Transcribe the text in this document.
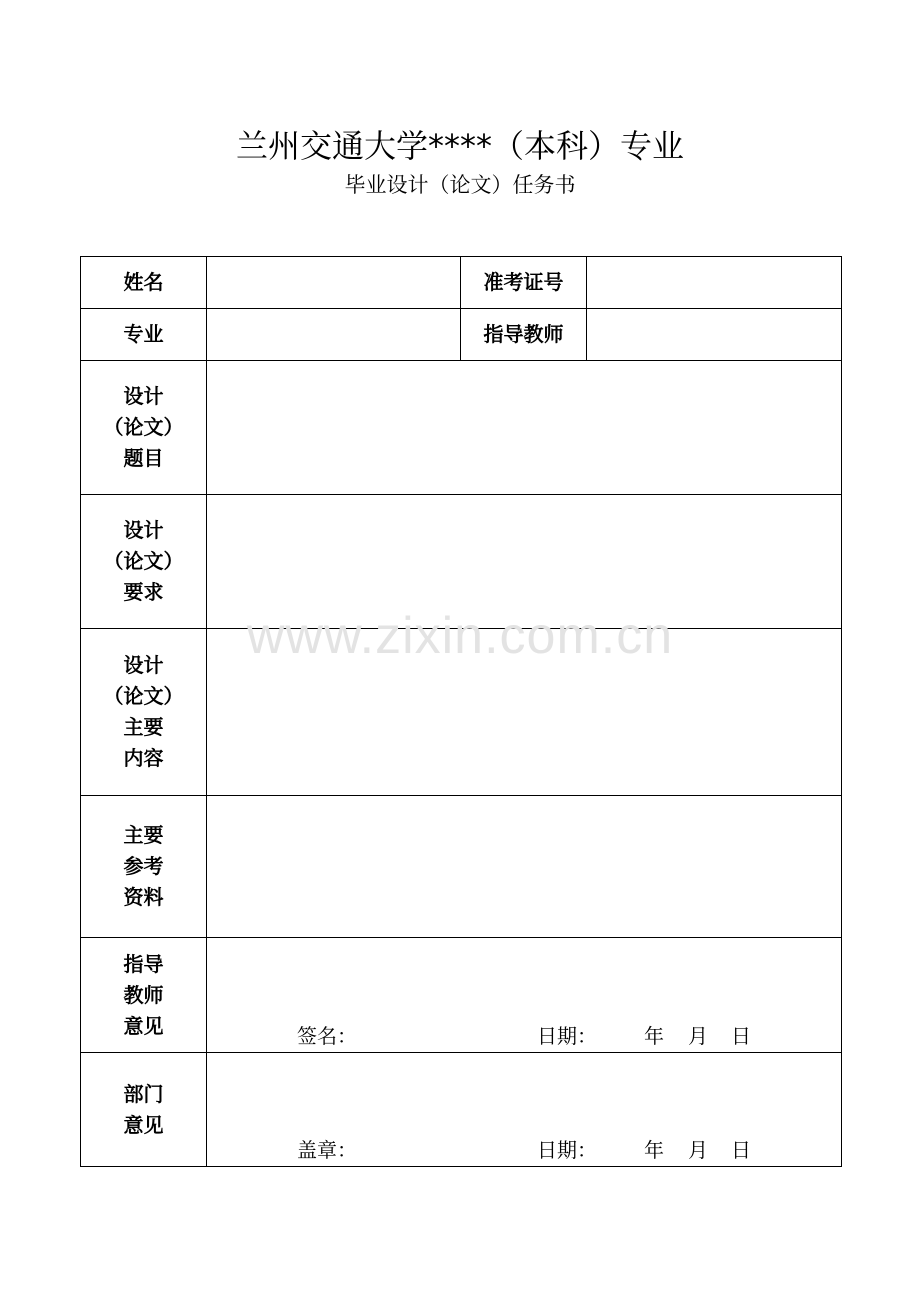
兰州交通大学****（本科）专业
毕业设计（论文）任务书
姓名		准考证号	
专业		指导教师	

设计
（论文）
题目			

设计
（论文）
要求			

设计
（论文）
主要
内容			

主要
参考
资料			

指导
教师
意见	签名： 日期： 年 月 日		

部门
意见	盖章： 日期： 年 月 日		
www.zixin.com.cn
